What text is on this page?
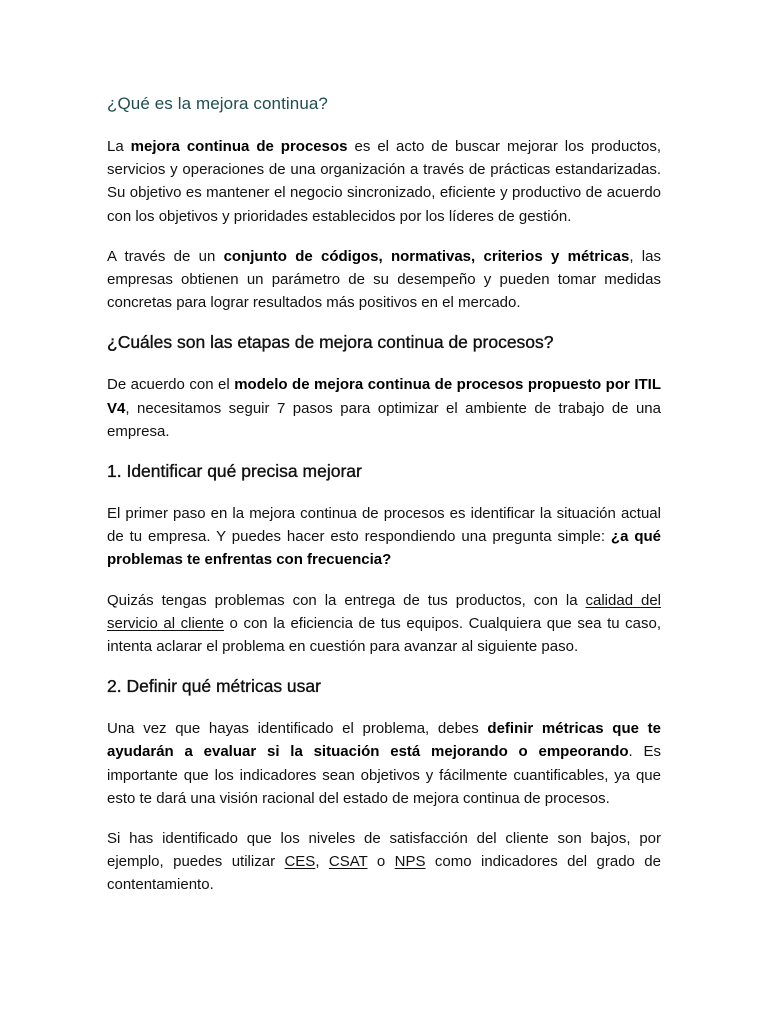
¿Qué es la mejora continua?

La mejora continua de procesos es el acto de buscar mejorar los productos, servicios y operaciones de una organización a través de prácticas estandarizadas. Su objetivo es mantener el negocio sincronizado, eficiente y productivo de acuerdo con los objetivos y prioridades establecidos por los líderes de gestión.

A través de un conjunto de códigos, normativas, criterios y métricas, las empresas obtienen un parámetro de su desempeño y pueden tomar medidas concretas para lograr resultados más positivos en el mercado.

¿Cuáles son las etapas de mejora continua de procesos?

De acuerdo con el modelo de mejora continua de procesos propuesto por ITIL V4, necesitamos seguir 7 pasos para optimizar el ambiente de trabajo de una empresa.

1. Identificar qué precisa mejorar

El primer paso en la mejora continua de procesos es identificar la situación actual de tu empresa. Y puedes hacer esto respondiendo una pregunta simple: ¿a qué problemas te enfrentas con frecuencia?

Quizás tengas problemas con la entrega de tus productos, con la calidad del servicio al cliente o con la eficiencia de tus equipos. Cualquiera que sea tu caso, intenta aclarar el problema en cuestión para avanzar al siguiente paso.

2. Definir qué métricas usar

Una vez que hayas identificado el problema, debes definir métricas que te ayudarán a evaluar si la situación está mejorando o empeorando. Es importante que los indicadores sean objetivos y fácilmente cuantificables, ya que esto te dará una visión racional del estado de mejora continua de procesos.

Si has identificado que los niveles de satisfacción del cliente son bajos, por ejemplo, puedes utilizar CES, CSAT o NPS como indicadores del grado de contentamiento.
